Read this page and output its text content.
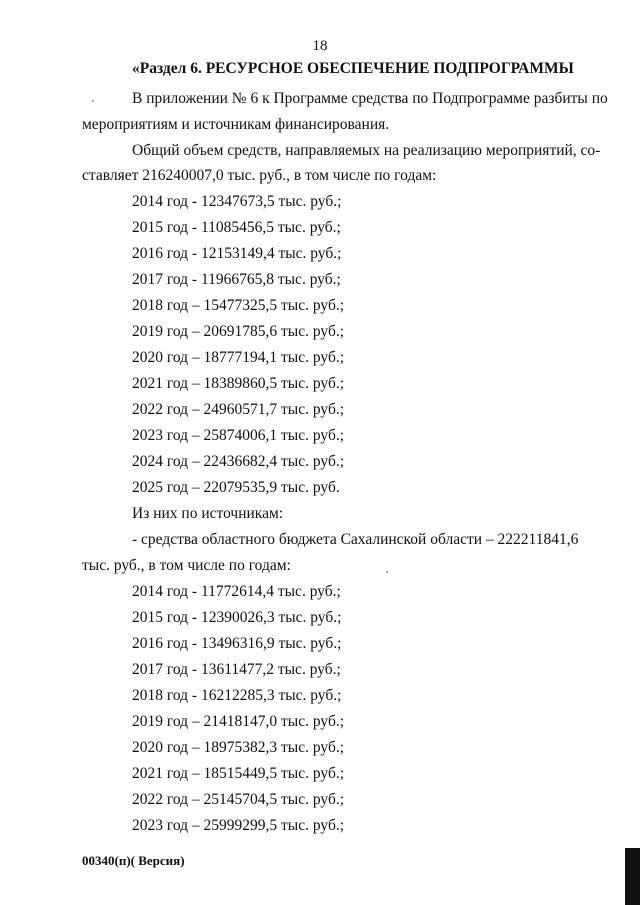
18
«Раздел 6. РЕСУРСНОЕ ОБЕСПЕЧЕНИЕ ПОДПРОГРАММЫ
В приложении № 6 к Программе средства по Подпрограмме разбиты по
мероприятиям и источникам финансирования.
Общий объем средств, направляемых на реализацию мероприятий, со-
ставляет 216240007,0 тыс. руб., в том числе по годам:
2014 год - 12347673,5 тыс. руб.;
2015 год - 11085456,5 тыс. руб.;
2016 год - 12153149,4 тыс. руб.;
2017 год - 11966765,8 тыс. руб.;
2018 год – 15477325,5 тыс. руб.;
2019 год – 20691785,6 тыс. руб.;
2020 год – 18777194,1 тыс. руб.;
2021 год – 18389860,5 тыс. руб.;
2022 год – 24960571,7 тыс. руб.;
2023 год – 25874006,1 тыс. руб.;
2024 год – 22436682,4 тыс. руб.;
2025 год – 22079535,9 тыс. руб.
Из них по источникам:
- средства областного бюджета Сахалинской области – 222211841,6
тыс. руб., в том числе по годам:
2014 год - 11772614,4 тыс. руб.;
2015 год - 12390026,3 тыс. руб.;
2016 год - 13496316,9 тыс. руб.;
2017 год - 13611477,2 тыс. руб.;
2018 год - 16212285,3 тыс. руб.;
2019 год – 21418147,0 тыс. руб.;
2020 год – 18975382,3 тыс. руб.;
2021 год – 18515449,5 тыс. руб.;
2022 год – 25145704,5 тыс. руб.;
2023 год – 25999299,5 тыс. руб.;
00340(п)( Версия)
